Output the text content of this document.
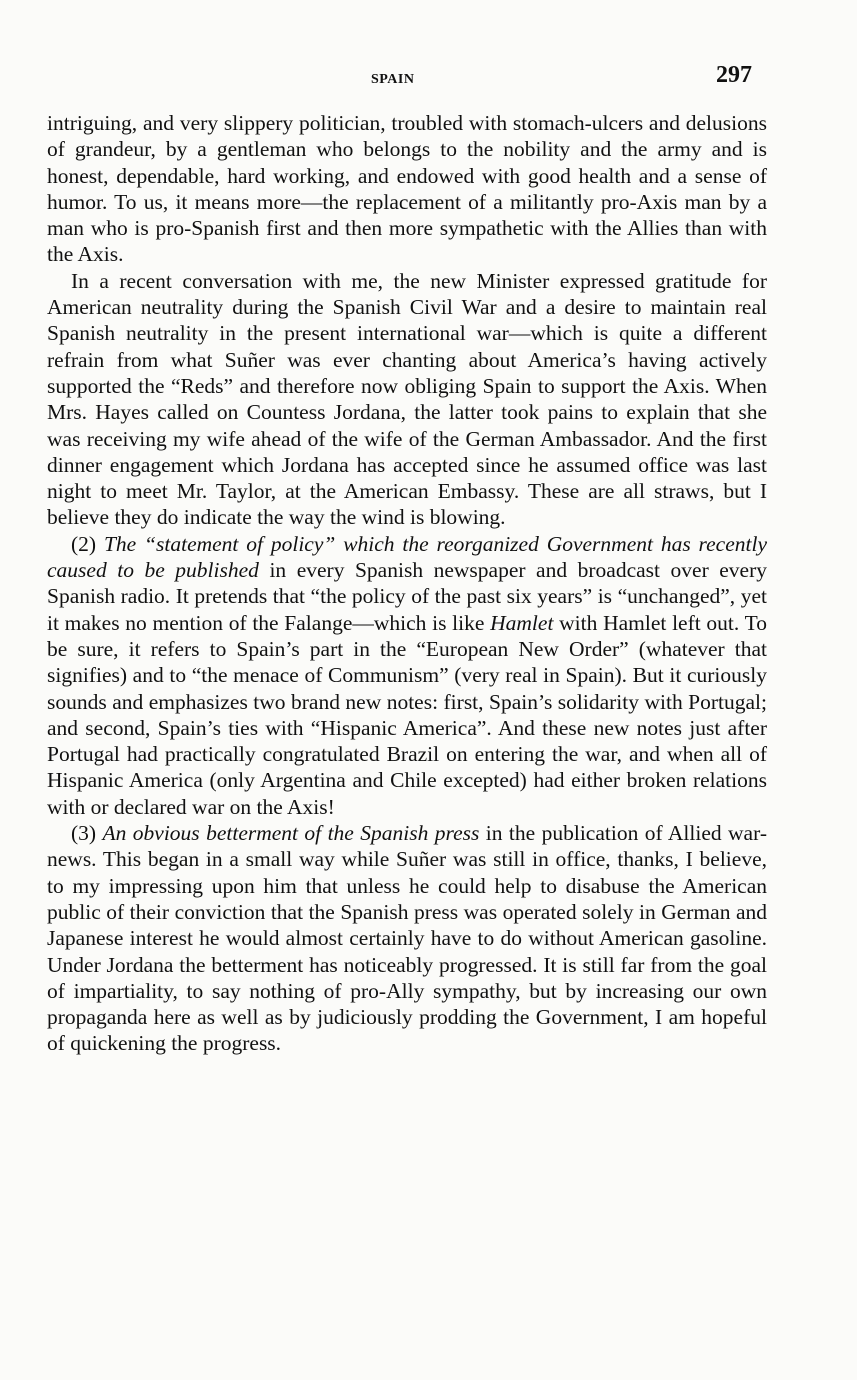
SPAIN	297

intriguing, and very slippery politician, troubled with stomach-ulcers and delusions of grandeur, by a gentleman who belongs to the nobility and the army and is honest, dependable, hard working, and endowed with good health and a sense of humor. To us, it means more—the replacement of a militantly pro-Axis man by a man who is pro-Spanish first and then more sympathetic with the Allies than with the Axis.

In a recent conversation with me, the new Minister expressed gratitude for American neutrality during the Spanish Civil War and a desire to maintain real Spanish neutrality in the present international war—which is quite a different refrain from what Suñer was ever chanting about America’s having actively supported the “Reds” and therefore now obliging Spain to support the Axis. When Mrs. Hayes called on Countess Jordana, the latter took pains to explain that she was receiving my wife ahead of the wife of the German Ambassador. And the first dinner engagement which Jordana has accepted since he assumed office was last night to meet Mr. Taylor, at the American Embassy. These are all straws, but I believe they do indicate the way the wind is blowing.

(2) The “statement of policy” which the reorganized Government has recently caused to be published in every Spanish newspaper and broadcast over every Spanish radio. It pretends that “the policy of the past six years” is “unchanged”, yet it makes no mention of the Falange—which is like Hamlet with Hamlet left out. To be sure, it refers to Spain’s part in the “European New Order” (whatever that signifies) and to “the menace of Communism” (very real in Spain). But it curiously sounds and emphasizes two brand new notes: first, Spain’s solidarity with Portugal; and second, Spain’s ties with “Hispanic America”. And these new notes just after Portugal had practically congratulated Brazil on entering the war, and when all of Hispanic America (only Argentina and Chile excepted) had either broken relations with or declared war on the Axis!

(3) An obvious betterment of the Spanish press in the publication of Allied war-news. This began in a small way while Suñer was still in office, thanks, I believe, to my impressing upon him that unless he could help to disabuse the American public of their conviction that the Spanish press was operated solely in German and Japanese interest he would almost certainly have to do without American gasoline. Under Jordana the betterment has noticeably progressed. It is still far from the goal of impartiality, to say nothing of pro-Ally sympathy, but by increasing our own propaganda here as well as by judiciously prodding the Government, I am hopeful of quickening the progress.
